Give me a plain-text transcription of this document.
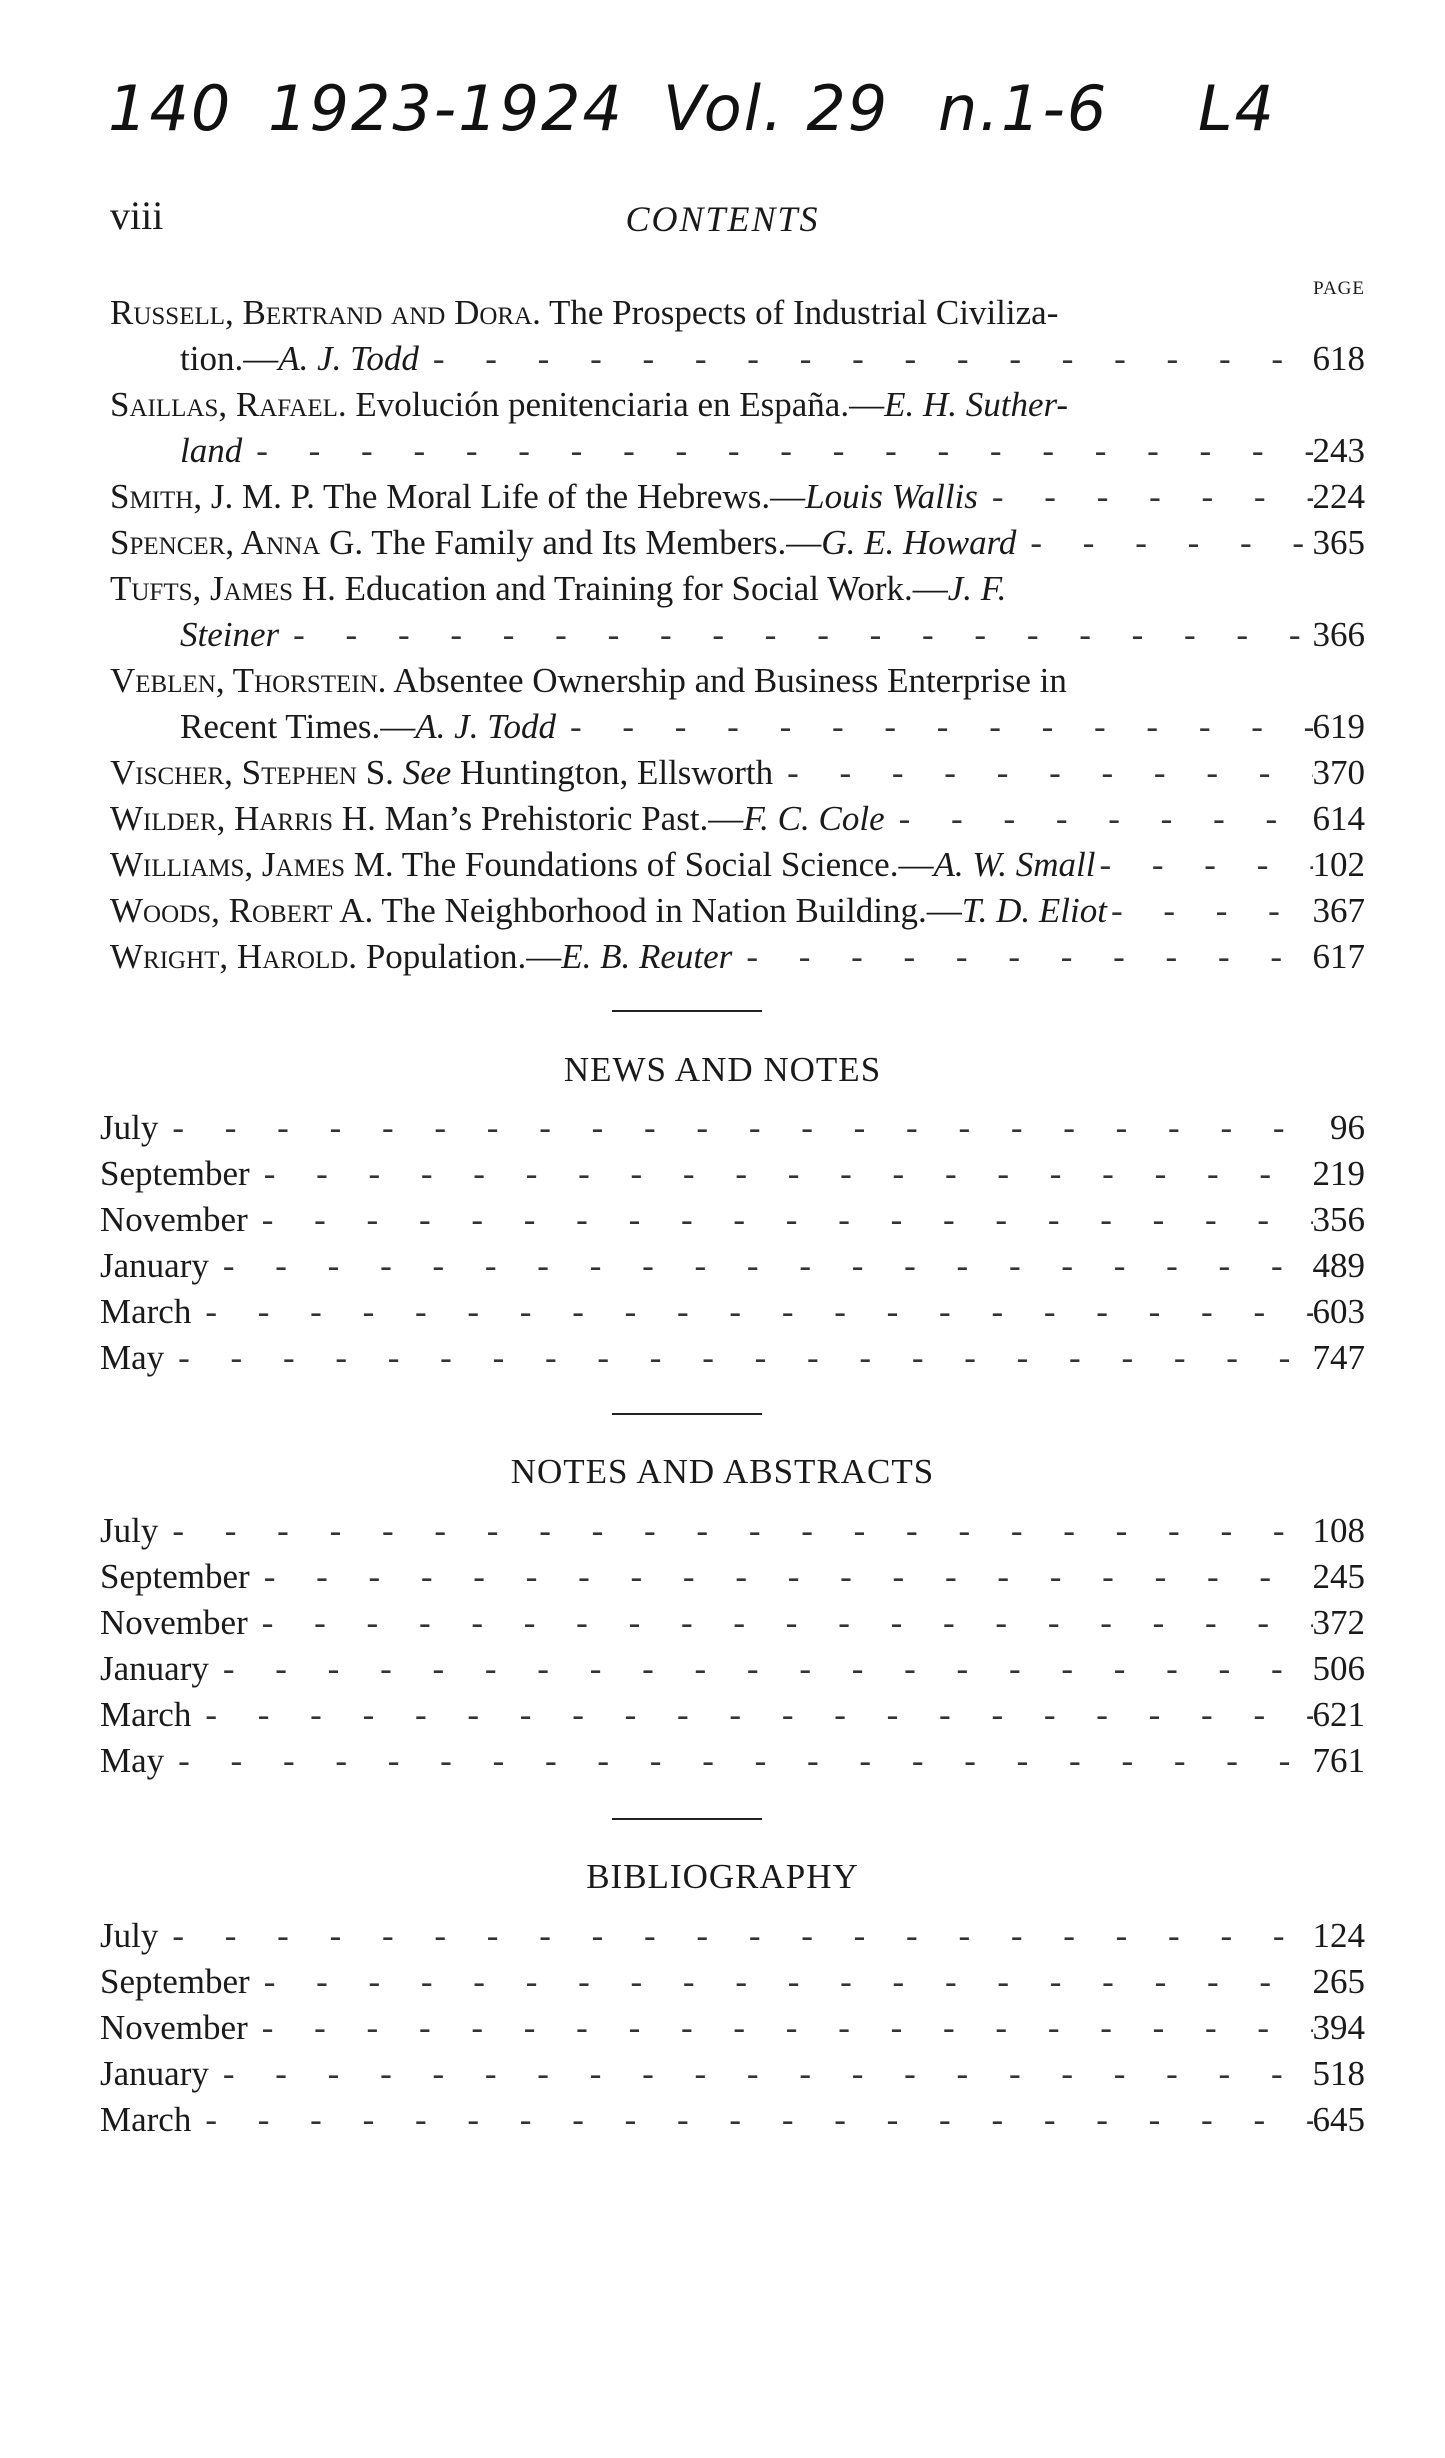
140 1923-1924 Vol. 29 n.1-6 L4
viii	CONTENTS
PAGE
Russell, Bertrand and Dora. The Prospects of Industrial Civiliza-
tion.— A. J. Todd - - -	618
Saillas, Rafael. Evolución penitenciaria en España.—E. H. Suther-
land - - -	243
Smith, J. M. P. The Moral Life of the Hebrews.—Louis Wallis - - -	224
Spencer, Anna G. The Family and Its Members.—G. E. Howard - - -	365
Tufts, James H. Education and Training for Social Work.—J. F.
Steiner - - -	366
Veblen, Thorstein. Absentee Ownership and Business Enterprise in
Recent Times.— A. J. Todd - - -	619
Vischer, Stephen S. See Huntington, Ellsworth - - -	370
Wilder, Harris H. Man’s Prehistoric Past.—F. C. Cole - - -	614
Williams, James M. The Foundations of Social Science.—A. W. Small - - -	102
Woods, Robert A. The Neighborhood in Nation Building.—T. D. Eliot - - -	367
Wright, Harold. Population.—E. B. Reuter - - -	617
NEWS AND NOTES
July - - -	96
September - - -	219
November - - -	356
January - - -	489
March - - -	603
May - - -	747
NOTES AND ABSTRACTS
July - - -	108
September - - -	245
November - - -	372
January - - -	506
March - - -	621
May - - -	761
BIBLIOGRAPHY
July - - -	124
September - - -	265
November - - -	394
January - - -	518
March - - -	645
